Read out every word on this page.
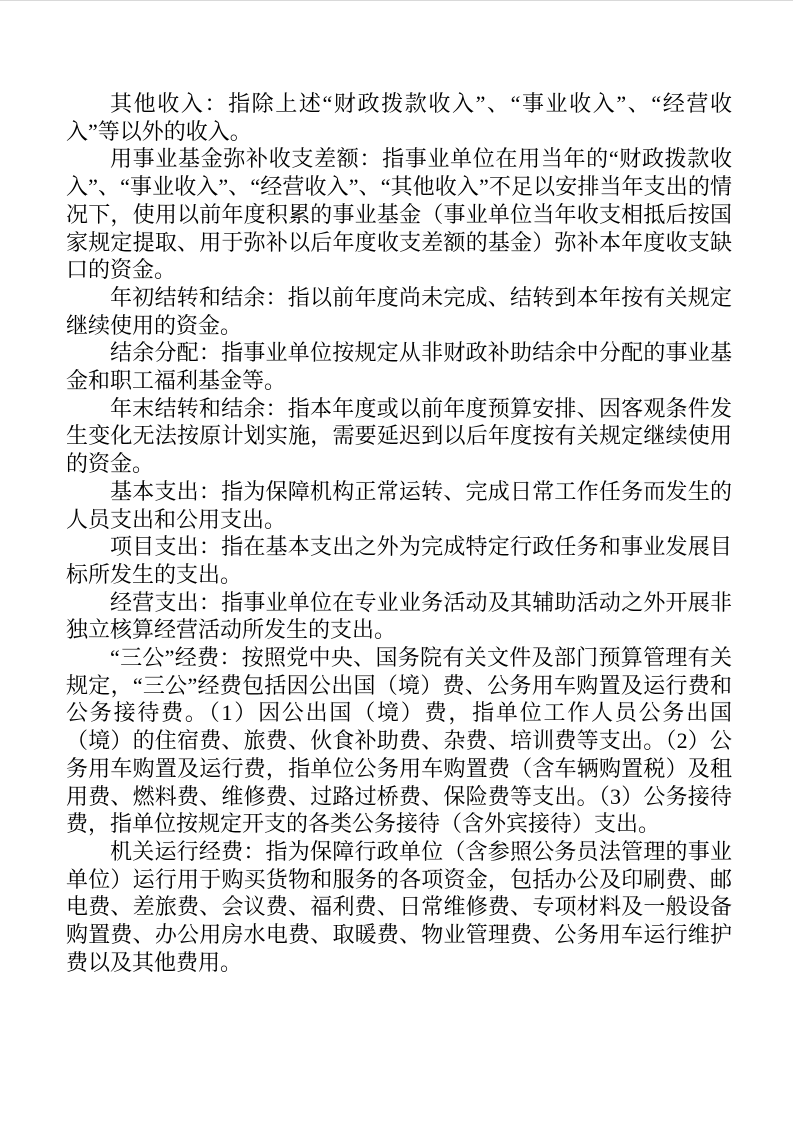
其他收入：指除上述“财政拨款收入”、“事业收入”、“经营收入”等以外的收入。

用事业基金弥补收支差额：指事业单位在用当年的“财政拨款收入”、“事业收入”、“经营收入”、“其他收入”不足以安排当年支出的情况下，使用以前年度积累的事业基金（事业单位当年收支相抵后按国家规定提取、用于弥补以后年度收支差额的基金）弥补本年度收支缺口的资金。

年初结转和结余：指以前年度尚未完成、结转到本年按有关规定继续使用的资金。

结余分配：指事业单位按规定从非财政补助结余中分配的事业基金和职工福利基金等。

年末结转和结余：指本年度或以前年度预算安排、因客观条件发生变化无法按原计划实施，需要延迟到以后年度按有关规定继续使用的资金。

基本支出：指为保障机构正常运转、完成日常工作任务而发生的人员支出和公用支出。

项目支出：指在基本支出之外为完成特定行政任务和事业发展目标所发生的支出。

经营支出：指事业单位在专业业务活动及其辅助活动之外开展非独立核算经营活动所发生的支出。

“三公”经费：按照党中央、国务院有关文件及部门预算管理有关规定，“三公”经费包括因公出国（境）费、公务用车购置及运行费和公务接待费。（1）因公出国（境）费，指单位工作人员公务出国（境）的住宿费、旅费、伙食补助费、杂费、培训费等支出。（2）公务用车购置及运行费，指单位公务用车购置费（含车辆购置税）及租用费、燃料费、维修费、过路过桥费、保险费等支出。（3）公务接待费，指单位按规定开支的各类公务接待（含外宾接待）支出。

机关运行经费：指为保障行政单位（含参照公务员法管理的事业单位）运行用于购买货物和服务的各项资金，包括办公及印刷费、邮电费、差旅费、会议费、福利费、日常维修费、专项材料及一般设备购置费、办公用房水电费、取暖费、物业管理费、公务用车运行维护费以及其他费用。
